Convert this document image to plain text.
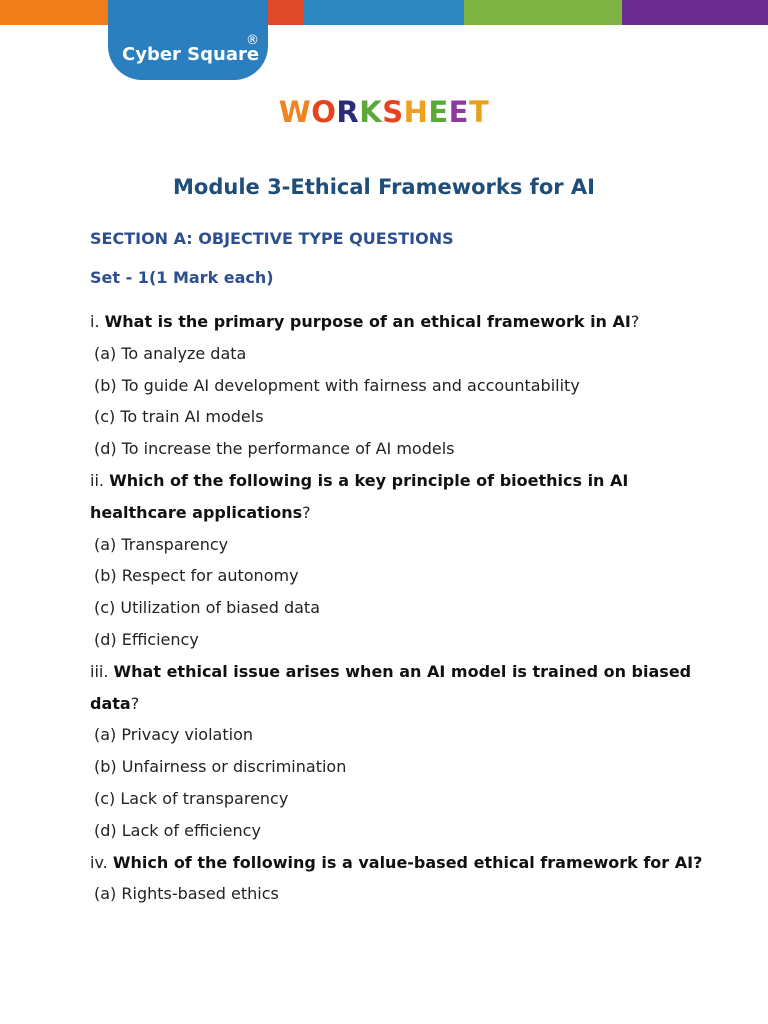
Cyber Square
®
WORKSHEET
Module 3-Ethical Frameworks for AI
SECTION A: OBJECTIVE TYPE QUESTIONS
Set - 1(1 Mark each)
i. What is the primary purpose of an ethical framework in AI?
(a) To analyze data
(b) To guide AI development with fairness and accountability
(c) To train AI models
(d) To increase the performance of AI models
ii. Which of the following is a key principle of bioethics in AI
healthcare applications?
(a) Transparency
(b) Respect for autonomy
(c) Utilization of biased data
(d) Efficiency
iii. What ethical issue arises when an AI model is trained on biased
data?
(a) Privacy violation
(b) Unfairness or discrimination
(c) Lack of transparency
(d) Lack of efficiency
iv. Which of the following is a value-based ethical framework for AI?
(a) Rights-based ethics
